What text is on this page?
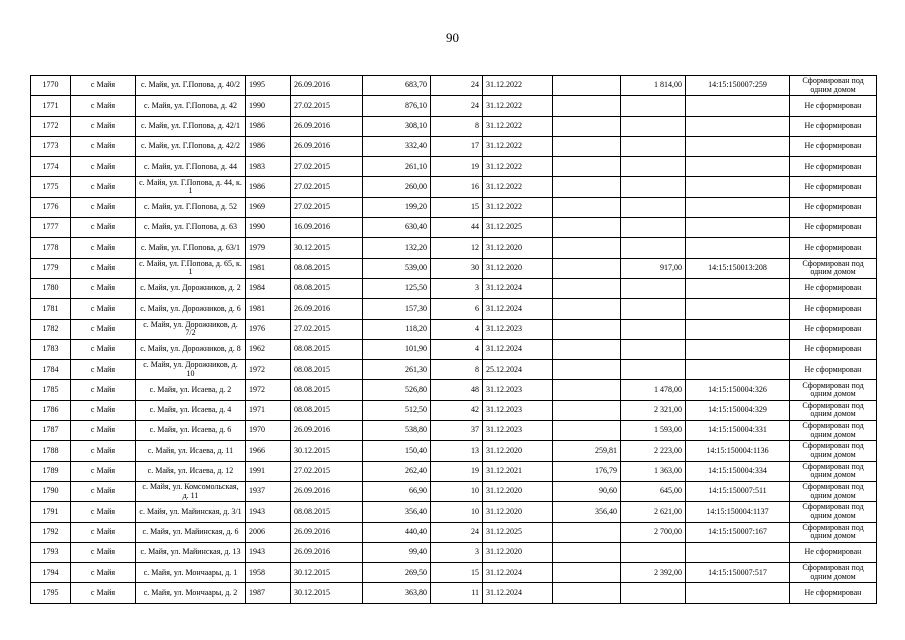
90
1770	с Майя	с. Майя, ул. Г.Попова, д. 40/2	1995	26.09.2016	683,70	24	31.12.2022		1 814,00	14:15:150007:259	Сформирован под одним домом
1771	с Майя	с. Майя, ул. Г.Попова, д. 42	1990	27.02.2015	876,10	24	31.12.2022				Не сформирован
1772	с Майя	с. Майя, ул. Г.Попова, д. 42/1	1986	26.09.2016	308,10	8	31.12.2022				Не сформирован
1773	с Майя	с. Майя, ул. Г.Попова, д. 42/2	1986	26.09.2016	332,40	17	31.12.2022				Не сформирован
1774	с Майя	с. Майя, ул. Г.Попова, д. 44	1983	27.02.2015	261,10	19	31.12.2022				Не сформирован
1775	с Майя	с. Майя, ул. Г.Попова, д. 44, к. 1	1986	27.02.2015	260,00	16	31.12.2022				Не сформирован
1776	с Майя	с. Майя, ул. Г.Попова, д. 52	1969	27.02.2015	199,20	15	31.12.2022				Не сформирован
1777	с Майя	с. Майя, ул. Г.Попова, д. 63	1990	16.09.2016	630,40	44	31.12.2025				Не сформирован
1778	с Майя	с. Майя, ул. Г.Попова, д. 63/1	1979	30.12.2015	132,20	12	31.12.2020				Не сформирован
1779	с Майя	с. Майя, ул. Г.Попова, д. 65, к. 1	1981	08.08.2015	539,00	30	31.12.2020		917,00	14:15:150013:208	Сформирован под одним домом
1780	с Майя	с. Майя, ул. Дорожников, д. 2	1984	08.08.2015	125,50	3	31.12.2024				Не сформирован
1781	с Майя	с. Майя, ул. Дорожников, д. 6	1981	26.09.2016	157,30	6	31.12.2024				Не сформирован
1782	с Майя	с. Майя, ул. Дорожников, д. 7/2	1976	27.02.2015	118,20	4	31.12.2023				Не сформирован
1783	с Майя	с. Майя, ул. Дорожников, д. 8	1962	08.08.2015	101,90	4	31.12.2024				Не сформирован
1784	с Майя	с. Майя, ул. Дорожников, д. 10	1972	08.08.2015	261,30	8	25.12.2024				Не сформирован
1785	с Майя	с. Майя, ул. Исаева, д. 2	1972	08.08.2015	526,80	48	31.12.2023		1 478,00	14:15:150004:326	Сформирован под одним домом
1786	с Майя	с. Майя, ул. Исаева, д. 4	1971	08.08.2015	512,50	42	31.12.2023		2 321,00	14:15:150004:329	Сформирован под одним домом
1787	с Майя	с. Майя, ул. Исаева, д. 6	1970	26.09.2016	538,80	37	31.12.2023		1 593,00	14:15:150004:331	Сформирован под одним домом
1788	с Майя	с. Майя, ул. Исаева, д. 11	1966	30.12.2015	150,40	13	31.12.2020	259,81	2 223,00	14:15:150004:1136	Сформирован под одним домом
1789	с Майя	с. Майя, ул. Исаева, д. 12	1991	27.02.2015	262,40	19	31.12.2021	176,79	1 363,00	14:15:150004:334	Сформирован под одним домом
1790	с Майя	с. Майя, ул. Комсомольская, д. 11	1937	26.09.2016	66,90	10	31.12.2020	90,60	645,00	14:15:150007:511	Сформирован под одним домом
1791	с Майя	с. Майя, ул. Майинская, д. 3/1	1943	08.08.2015	356,40	10	31.12.2020	356,40	2 621,00	14:15:150004:1137	Сформирован под одним домом
1792	с Майя	с. Майя, ул. Майинская, д. 6	2006	26.09.2016	440,40	24	31.12.2025		2 700,00	14:15:150007:167	Сформирован под одним домом
1793	с Майя	с. Майя, ул. Майинская, д. 13	1943	26.09.2016	99,40	3	31.12.2020				Не сформирован
1794	с Майя	с. Майя, ул. Мончаары, д. 1	1958	30.12.2015	269,50	15	31.12.2024		2 392,00	14:15:150007:517	Сформирован под одним домом
1795	с Майя	с. Майя, ул. Мончаары, д. 2	1987	30.12.2015	363,80	11	31.12.2024				Не сформирован
